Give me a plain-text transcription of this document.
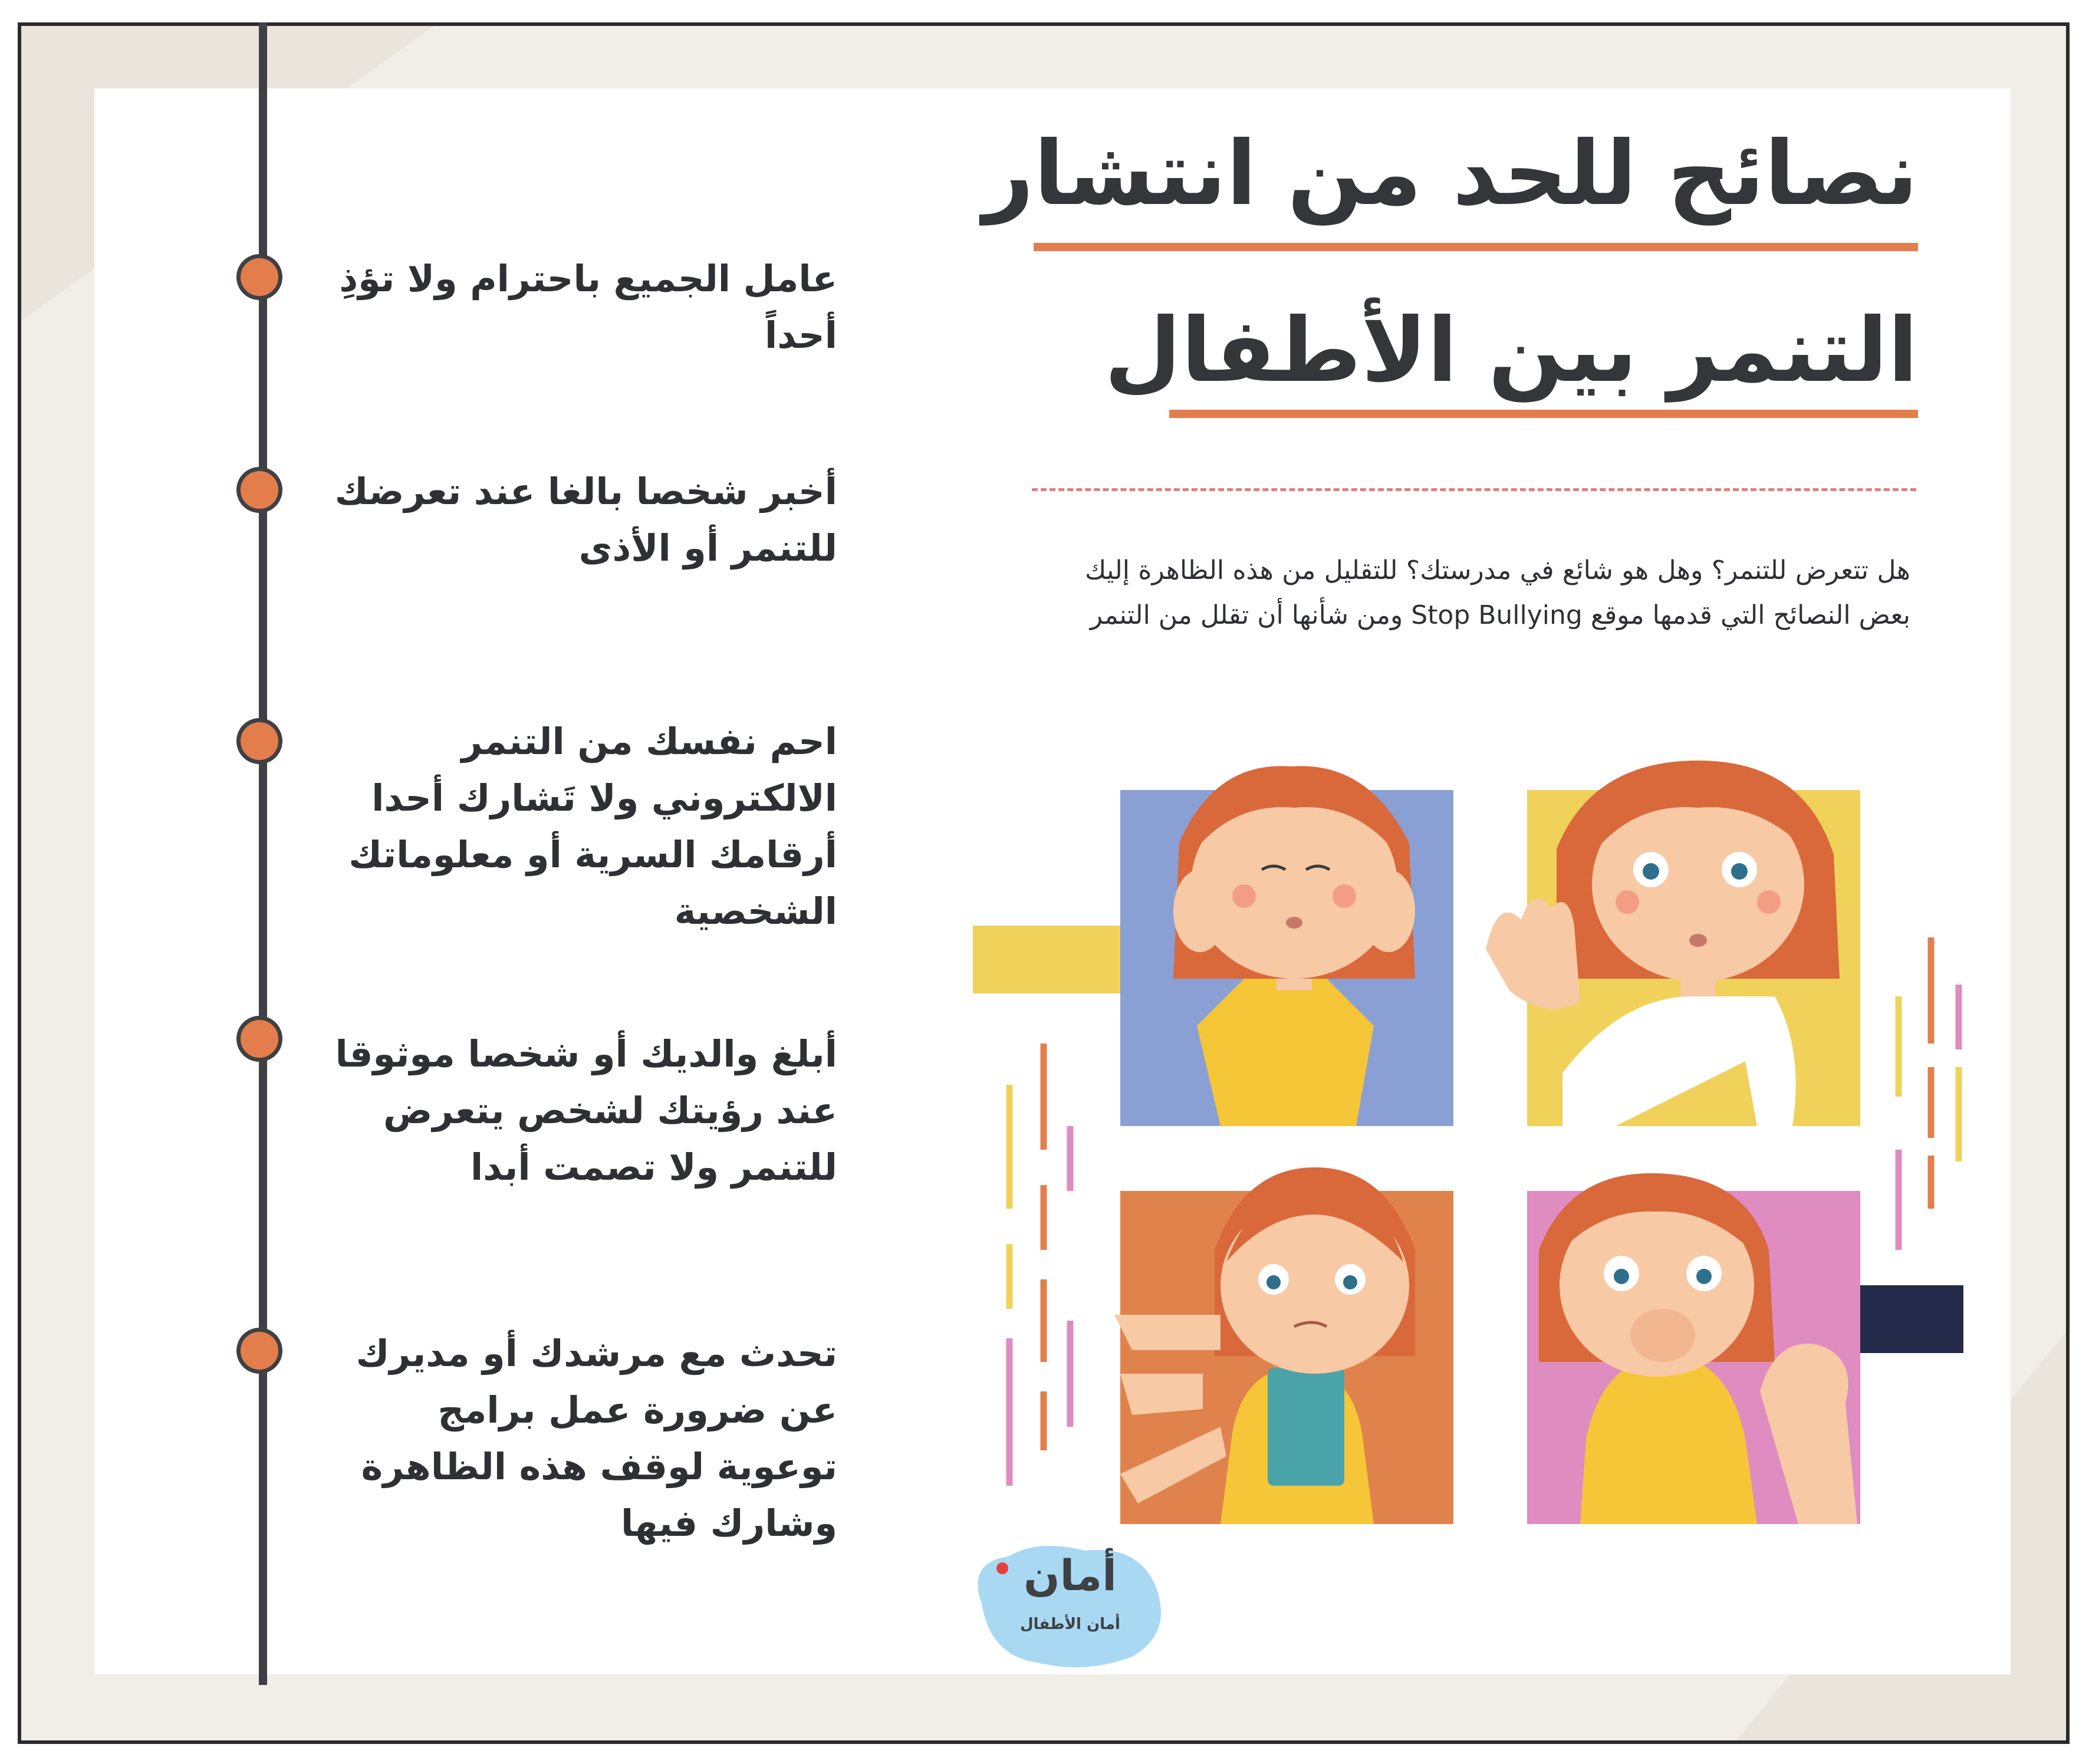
عامل الجميع باحترام ولا تؤذِ أحداً
أخبر شخصا بالغا عند تعرضك للتنمر أو الأذى
احم نفسك من التنمر الالكتروني ولا تَشارك أحدا أرقامك السرية أو معلوماتك الشخصية
أبلغ والديك أو شخصا موثوقا عند رؤيتك لشخص يتعرض للتنمر ولا تصمت أبدا
تحدث مع مرشدك أو مديرك عن ضرورة عمل برامج توعوية لوقف هذه الظاهرة وشارك فيها
نصائح للحد من انتشار
التنمر بين الأطفال
هل تتعرض للتنمر؟ وهل هو شائع في مدرستك؟ للتقليل من هذه الظاهرة إليك بعض النصائح التي قدمها موقع Stop Bullying ومن شأنها أن تقلل من التنمر
أمان
أمان الأطفال
